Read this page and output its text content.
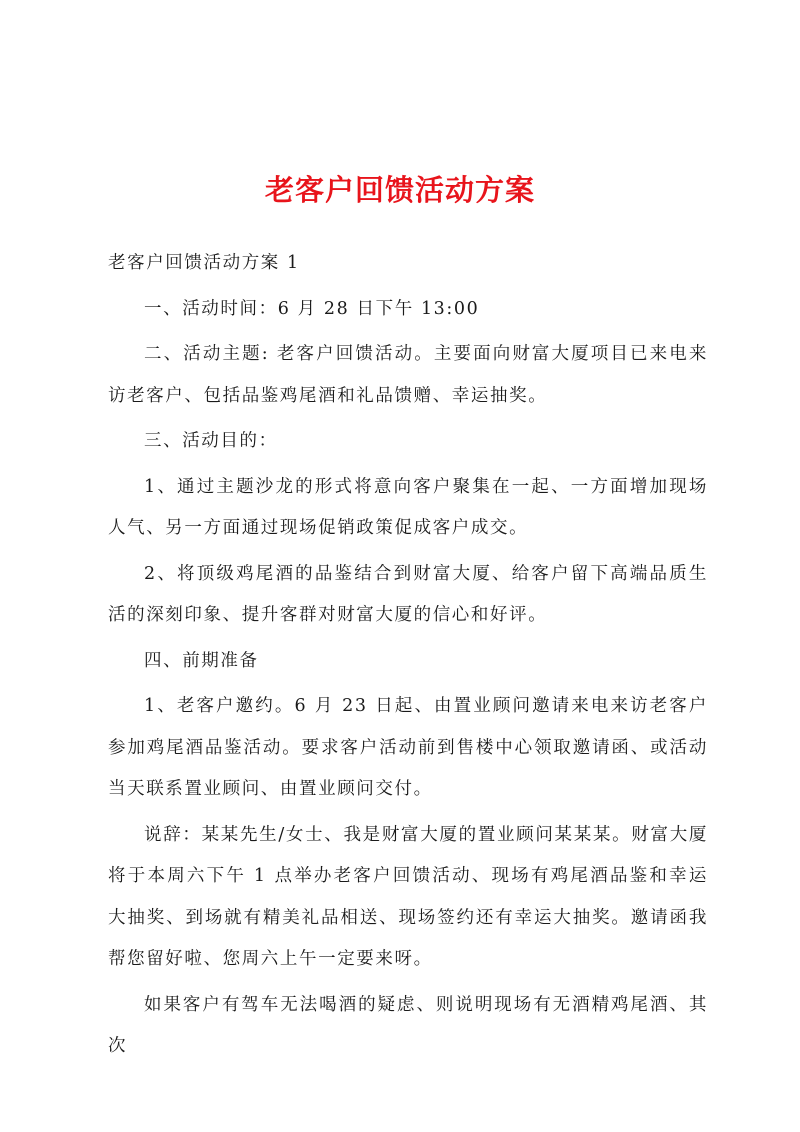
老客户回馈活动方案

老客户回馈活动方案 1

一、活动时间：6 月 28 日下午 13:00

二、活动主题: 老客户回馈活动。主要面向财富大厦项目已来电来访老客户、包括品鉴鸡尾酒和礼品馈赠、幸运抽奖。

三、活动目的：

1、通过主题沙龙的形式将意向客户聚集在一起、一方面增加现场人气、另一方面通过现场促销政策促成客户成交。

2、将顶级鸡尾酒的品鉴结合到财富大厦、给客户留下高端品质生活的深刻印象、提升客群对财富大厦的信心和好评。

四、前期准备

1、老客户邀约。6 月 23 日起、由置业顾问邀请来电来访老客户参加鸡尾酒品鉴活动。要求客户活动前到售楼中心领取邀请函、或活动当天联系置业顾问、由置业顾问交付。

说辞：某某先生/女士、我是财富大厦的置业顾问某某某。财富大厦将于本周六下午 1 点举办老客户回馈活动、现场有鸡尾酒品鉴和幸运大抽奖、到场就有精美礼品相送、现场签约还有幸运大抽奖。邀请函我帮您留好啦、您周六上午一定要来呀。

如果客户有驾车无法喝酒的疑虑、则说明现场有无酒精鸡尾酒、其次
